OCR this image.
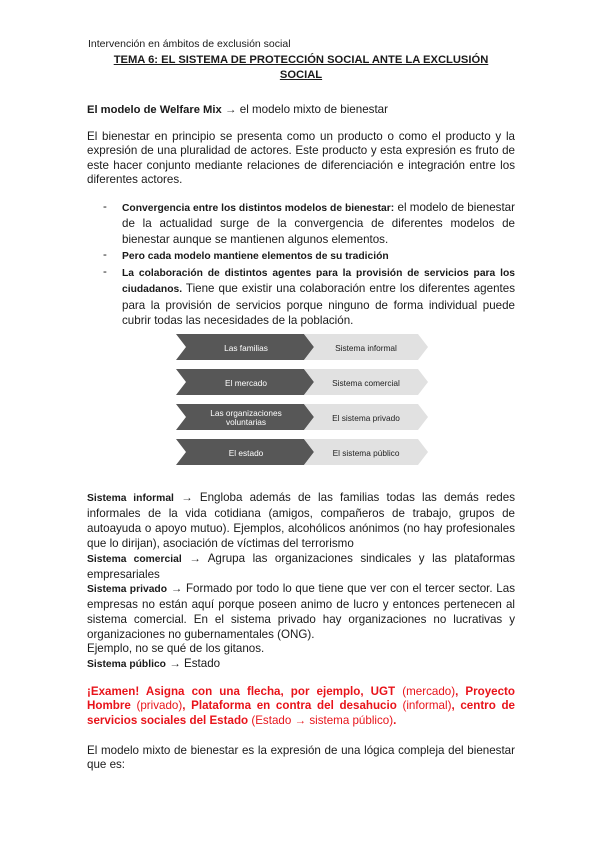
Intervención en ámbitos de exclusión social
TEMA 6: EL SISTEMA DE PROTECCIÓN SOCIAL ANTE LA EXCLUSIÓN
SOCIAL
El modelo de Welfare Mix → el modelo mixto de bienestar
El bienestar en principio se presenta como un producto o como el producto y la expresión de una pluralidad de actores. Este producto y esta expresión es fruto de este hacer conjunto mediante relaciones de diferenciación e integración entre los diferentes actores.
- Convergencia entre los distintos modelos de bienestar: el modelo de bienestar de la actualidad surge de la convergencia de diferentes modelos de bienestar aunque se mantienen algunos elementos.
- Pero cada modelo mantiene elementos de su tradición
- La colaboración de distintos agentes para la provisión de servicios para los ciudadanos. Tiene que existir una colaboración entre los diferentes agentes para la provisión de servicios porque ninguno de forma individual puede cubrir todas las necesidades de la población.
Las familias	Sistema informal
El mercado	Sistema comercial
Las organizaciones voluntarias	El sistema privado
El estado	El sistema público
Sistema informal → Engloba además de las familias todas las demás redes informales de la vida cotidiana (amigos, compañeros de trabajo, grupos de autoayuda o apoyo mutuo). Ejemplos, alcohólicos anónimos (no hay profesionales que lo dirijan), asociación de víctimas del terrorismo
Sistema comercial → Agrupa las organizaciones sindicales y las plataformas empresariales
Sistema privado → Formado por todo lo que tiene que ver con el tercer sector. Las empresas no están aquí porque poseen animo de lucro y entonces pertenecen al sistema comercial. En el sistema privado hay organizaciones no lucrativas y organizaciones no gubernamentales (ONG).
Ejemplo, no se qué de los gitanos.
Sistema público → Estado
¡Examen! Asigna con una flecha, por ejemplo, UGT (mercado), Proyecto Hombre (privado), Plataforma en contra del desahucio (informal), centro de servicios sociales del Estado (Estado → sistema público).
El modelo mixto de bienestar es la expresión de una lógica compleja del bienestar que es:
